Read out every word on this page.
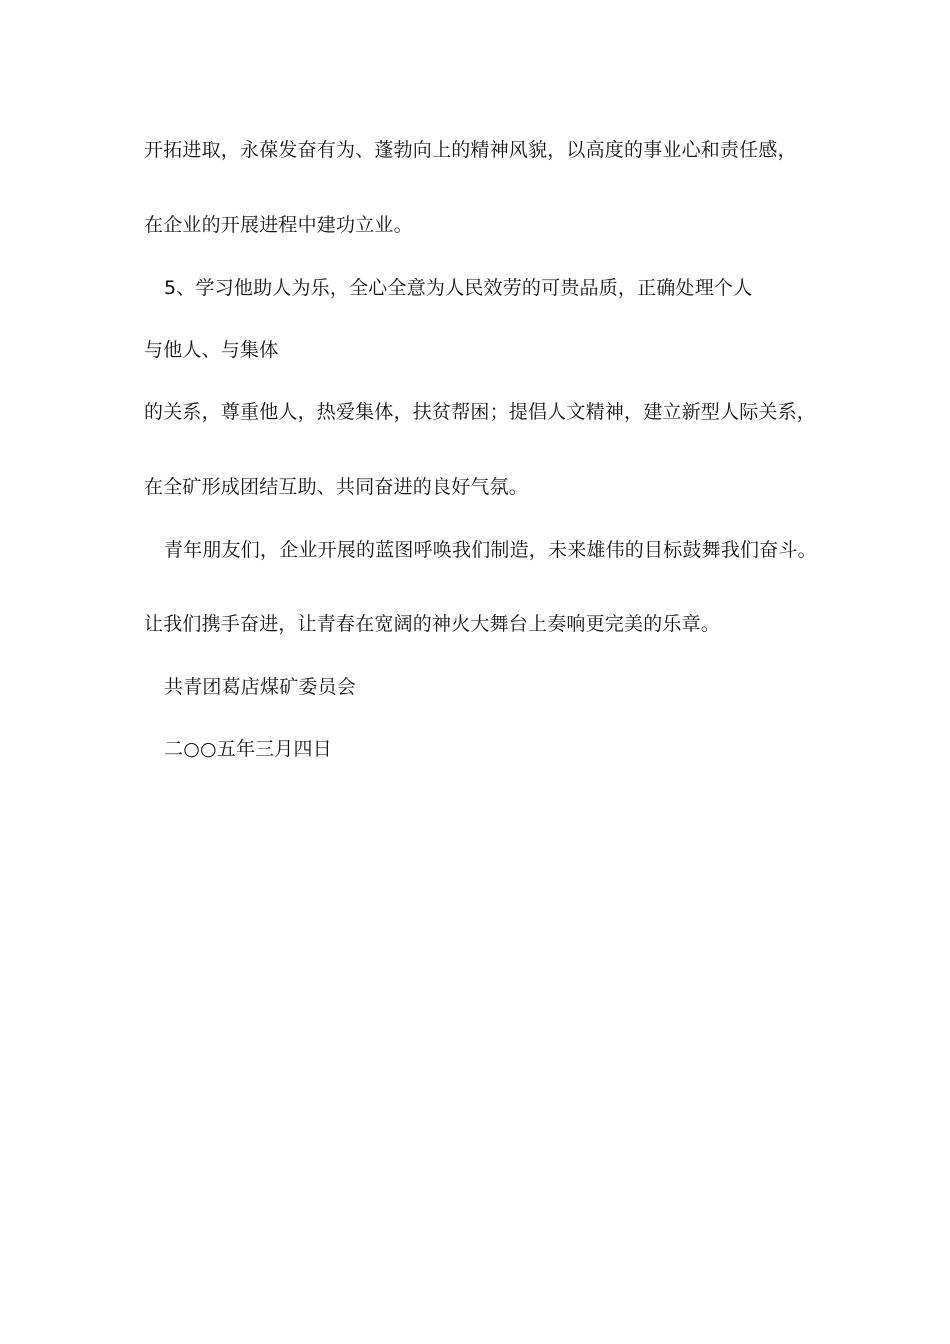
开拓进取，永葆发奋有为、蓬勃向上的精神风貌，以高度的事业心和责任感，
在企业的开展进程中建功立业。
5、学习他助人为乐，全心全意为人民效劳的可贵品质，正确处理个人
与他人、与集体
的关系，尊重他人，热爱集体，扶贫帮困；提倡人文精神，建立新型人际关系，
在全矿形成团结互助、共同奋进的良好气氛。
青年朋友们，企业开展的蓝图呼唤我们制造，未来雄伟的目标鼓舞我们奋斗。
让我们携手奋进，让青春在宽阔的神火大舞台上奏响更完美的乐章。
共青团葛店煤矿委员会
二○○五年三月四日
